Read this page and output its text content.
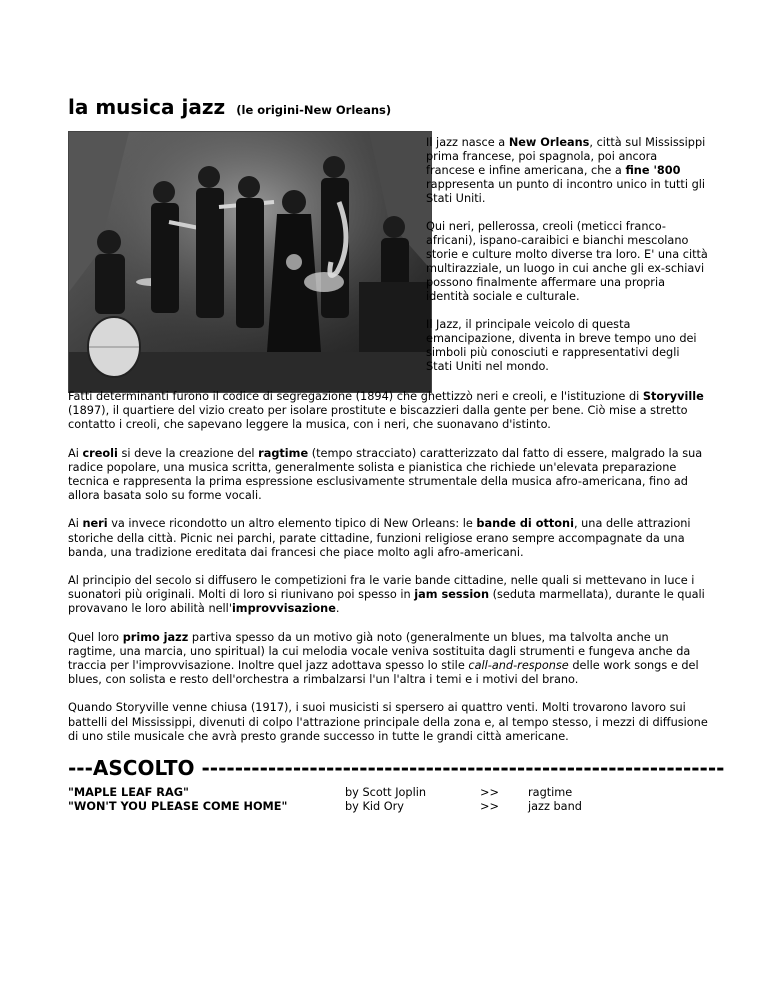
la musica jazz (le origini-New Orleans)

Il jazz nasce a New Orleans, città sul Mississippi prima francese, poi spagnola, poi ancora francese e infine americana, che a fine '800 rappresenta un punto di incontro unico in tutti gli Stati Uniti.

Qui neri, pellerossa, creoli (meticci franco-africani), ispano-caraibici e bianchi mescolano storie e culture molto diverse tra loro. E' una città multirazziale, un luogo in cui anche gli ex-schiavi possono finalmente affermare una propria identità sociale e culturale.

Il Jazz, il principale veicolo di questa emancipazione, diventa in breve tempo uno dei simboli più conosciuti e rappresentativi degli Stati Uniti nel mondo.

Fatti determinanti furono il codice di segregazione (1894) che ghettizzò neri e creoli, e l'istituzione di Storyville (1897), il quartiere del vizio creato per isolare prostitute e biscazzieri dalla gente per bene. Ciò mise a stretto contatto i creoli, che sapevano leggere la musica, con i neri, che suonavano d'istinto.

Ai creoli si deve la creazione del ragtime (tempo stracciato) caratterizzato dal fatto di essere, malgrado la sua radice popolare, una musica scritta, generalmente solista e pianistica che richiede un'elevata preparazione tecnica e rappresenta la prima espressione esclusivamente strumentale della musica afro-americana, fino ad allora basata solo su forme vocali.

Ai neri va invece ricondotto un altro elemento tipico di New Orleans: le bande di ottoni, una delle attrazioni storiche della città. Picnic nei parchi, parate cittadine, funzioni religiose erano sempre accompagnate da una banda, una tradizione ereditata dai francesi che piace molto agli afro-americani.

Al principio del secolo si diffusero le competizioni fra le varie bande cittadine, nelle quali si mettevano in luce i suonatori più originali. Molti di loro si riunivano poi spesso in jam session (seduta marmellata), durante le quali provavano le loro abilità nell'improvvisazione.

Quel loro primo jazz partiva spesso da un motivo già noto (generalmente un blues, ma talvolta anche un ragtime, una marcia, uno spiritual) la cui melodia vocale veniva sostituita dagli strumenti e fungeva anche da traccia per l'improvvisazione. Inoltre quel jazz adottava spesso lo stile call-and-response delle work songs e del blues, con solista e resto dell'orchestra a rimbalzarsi l'un l'altra i temi e i motivi del brano.

Quando Storyville venne chiusa (1917), i suoi musicisti si spersero ai quattro venti. Molti trovarono lavoro sui battelli del Mississippi, divenuti di colpo l'attrazione principale della zona e, al tempo stesso, i mezzi di diffusione di uno stile musicale che avrà presto grande successo in tutte le grandi città americane.

---ASCOLTO ---------------------------------------------------------------
"MAPLE LEAF RAG"	by Scott Joplin	>>	ragtime
"WON'T YOU PLEASE COME HOME"	by Kid Ory	>>	jazz band
